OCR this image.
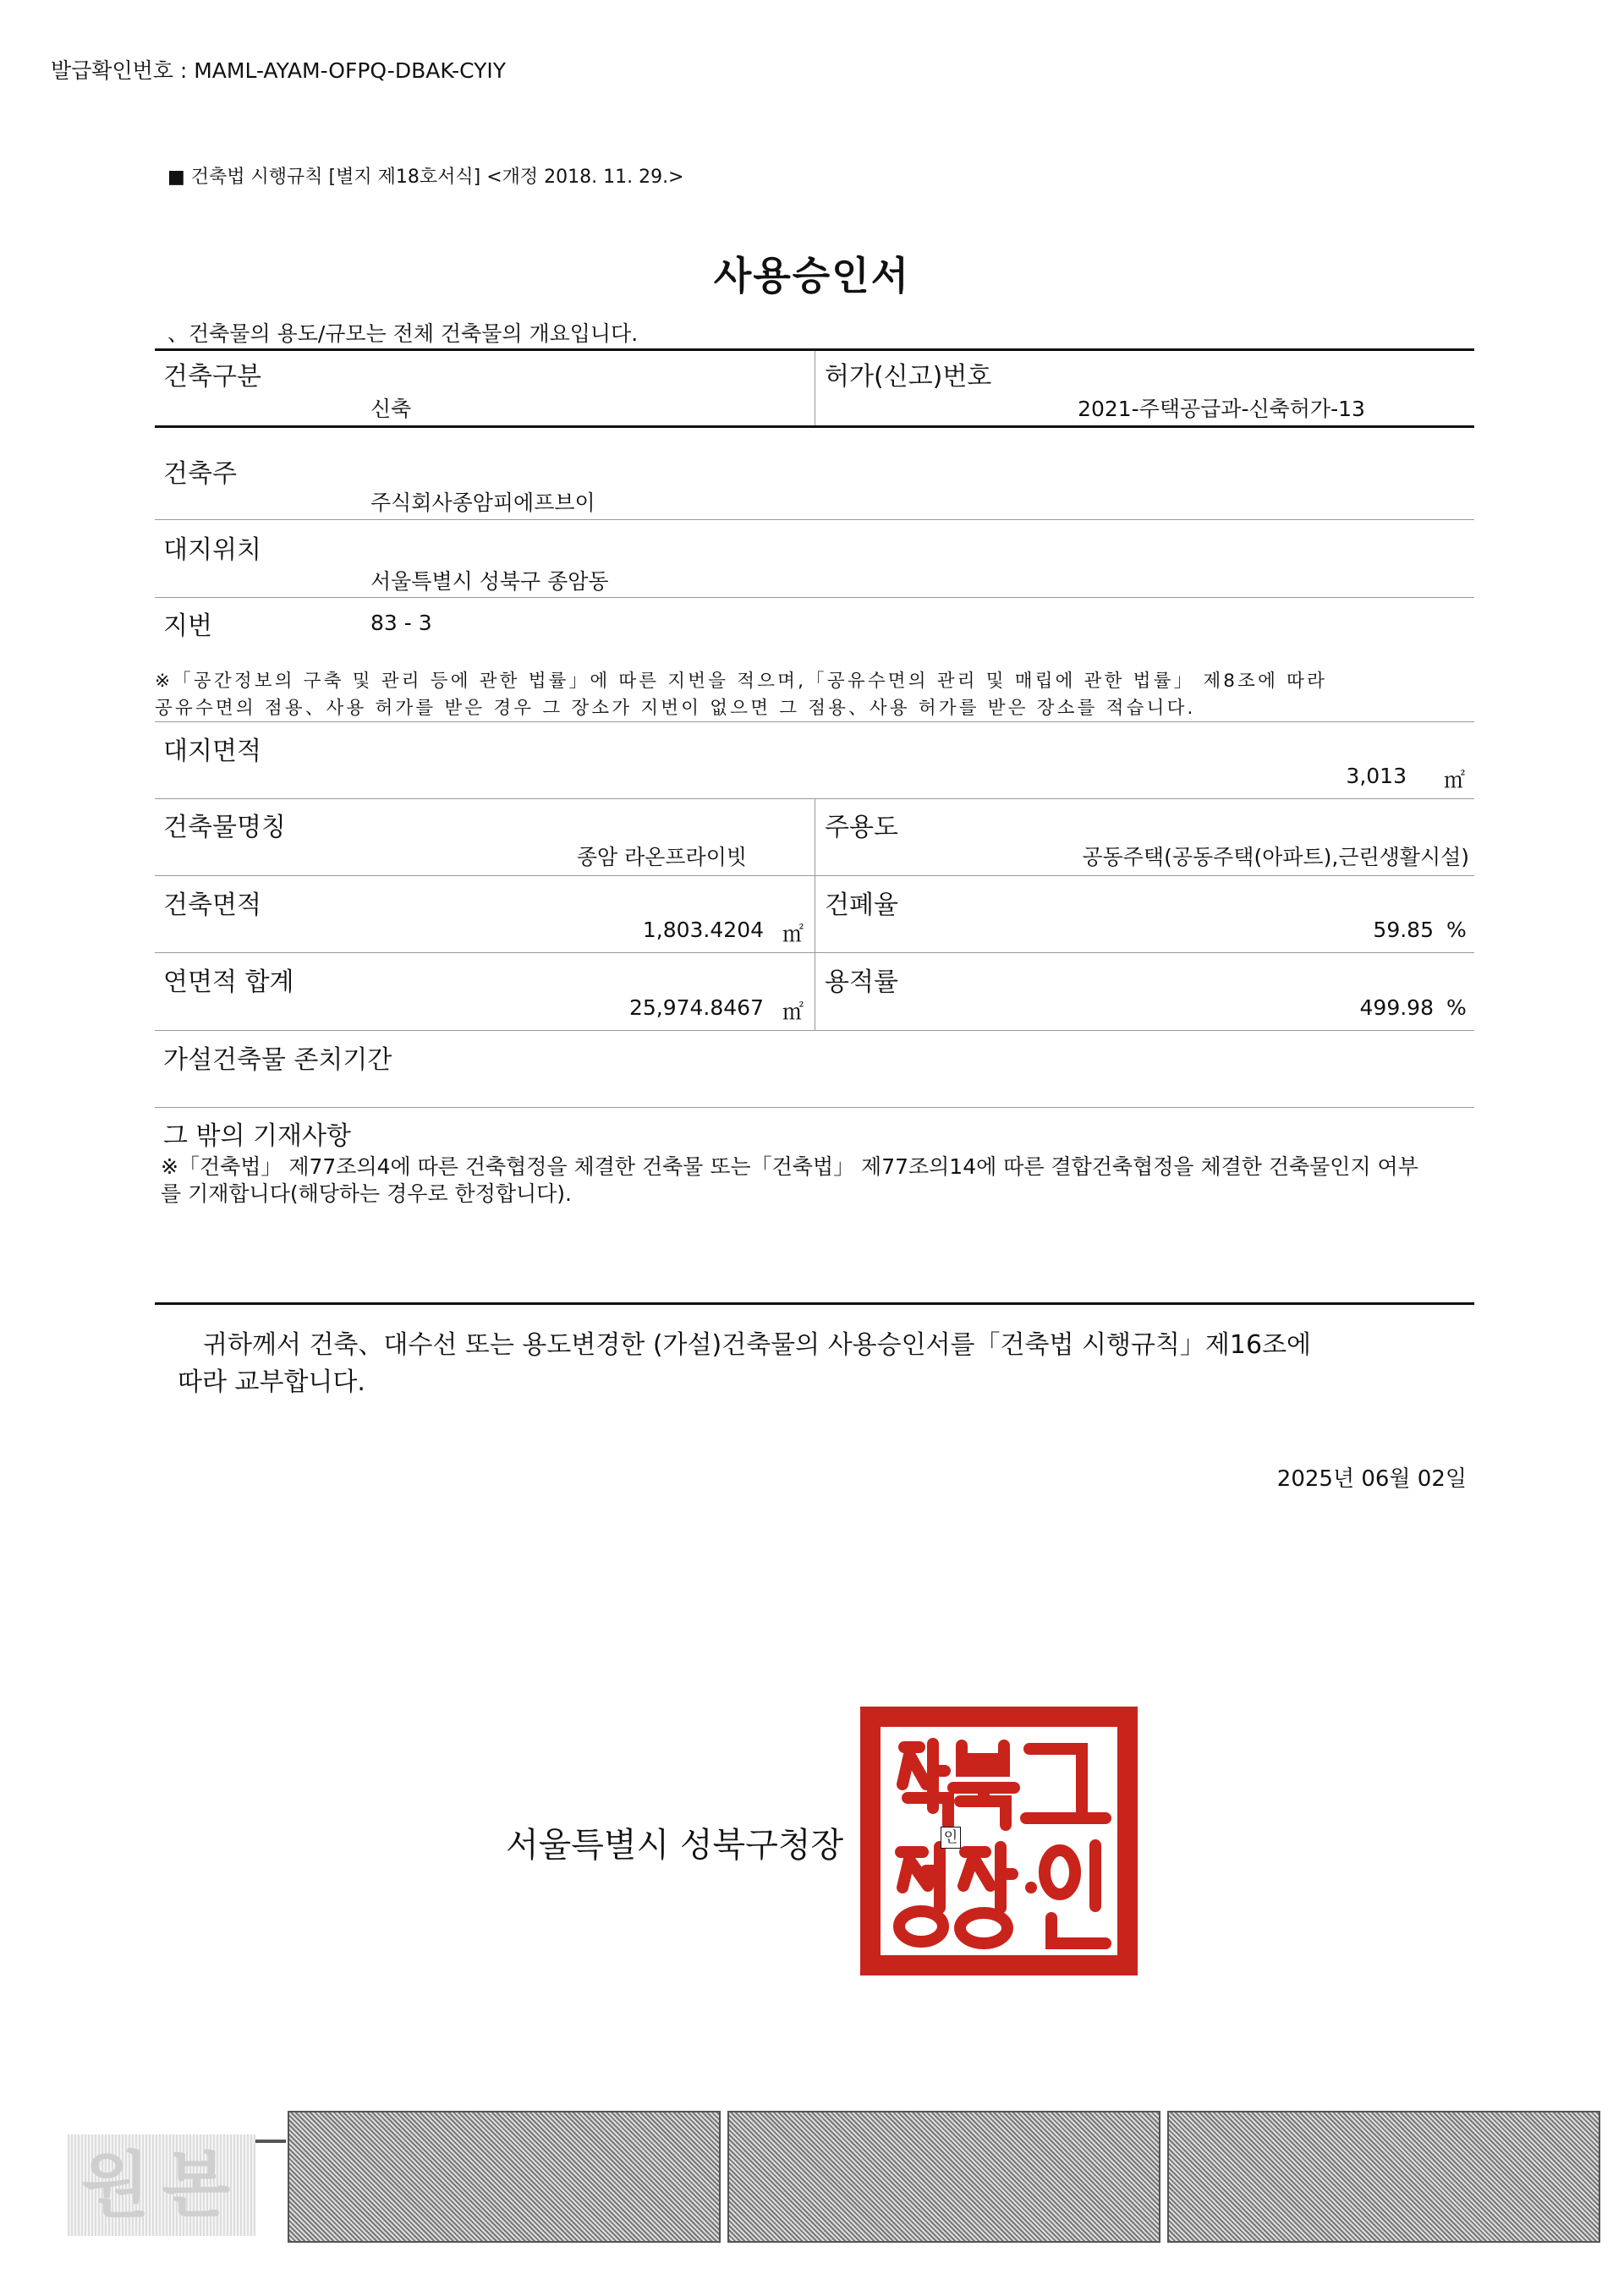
발급확인번호 : MAML-AYAM-OFPQ-DBAK-CYIY
■ 건축법 시행규칙 [별지 제18호서식] <개정 2018. 11. 29.>
사용승인서
、건축물의 용도/규모는 전체 건축물의 개요입니다.
건축구분
신축
허가(신고)번호
2021-주택공급과-신축허가-13
건축주
주식회사종암피에프브이
대지위치
서울특별시 성북구 종암동
지번	83 - 3
※「공간정보의 구축 및 관리 등에 관한 법률」에 따른 지번을 적으며,「공유수면의 관리 및 매립에 관한 법률」 제8조에 따라
공유수면의 점용、사용 허가를 받은 경우 그 장소가 지번이 없으면 그 점용、사용 허가를 받은 장소를 적습니다.
대지면적
3,013 ㎡
건축물명칭
종암 라온프라이빗
주용도
공동주택(공동주택(아파트),근린생활시설)
건축면적
1,803.4204 ㎡
건폐율
59.85 %
연면적 합계
25,974.8467 ㎡
용적률
499.98 %
가설건축물 존치기간
그 밖의 기재사항
※「건축법」 제77조의4에 따른 건축협정을 체결한 건축물 또는「건축법」 제77조의14에 따른 결합건축협정을 체결한 건축물인지 여부
를 기재합니다(해당하는 경우로 한정합니다).
귀하께서 건축、대수선 또는 용도변경한 (가설)건축물의 사용승인서를「건축법 시행규칙」제16조에
따라 교부합니다.
2025년 06월 02일
서울특별시 성북구청장	인
원본
